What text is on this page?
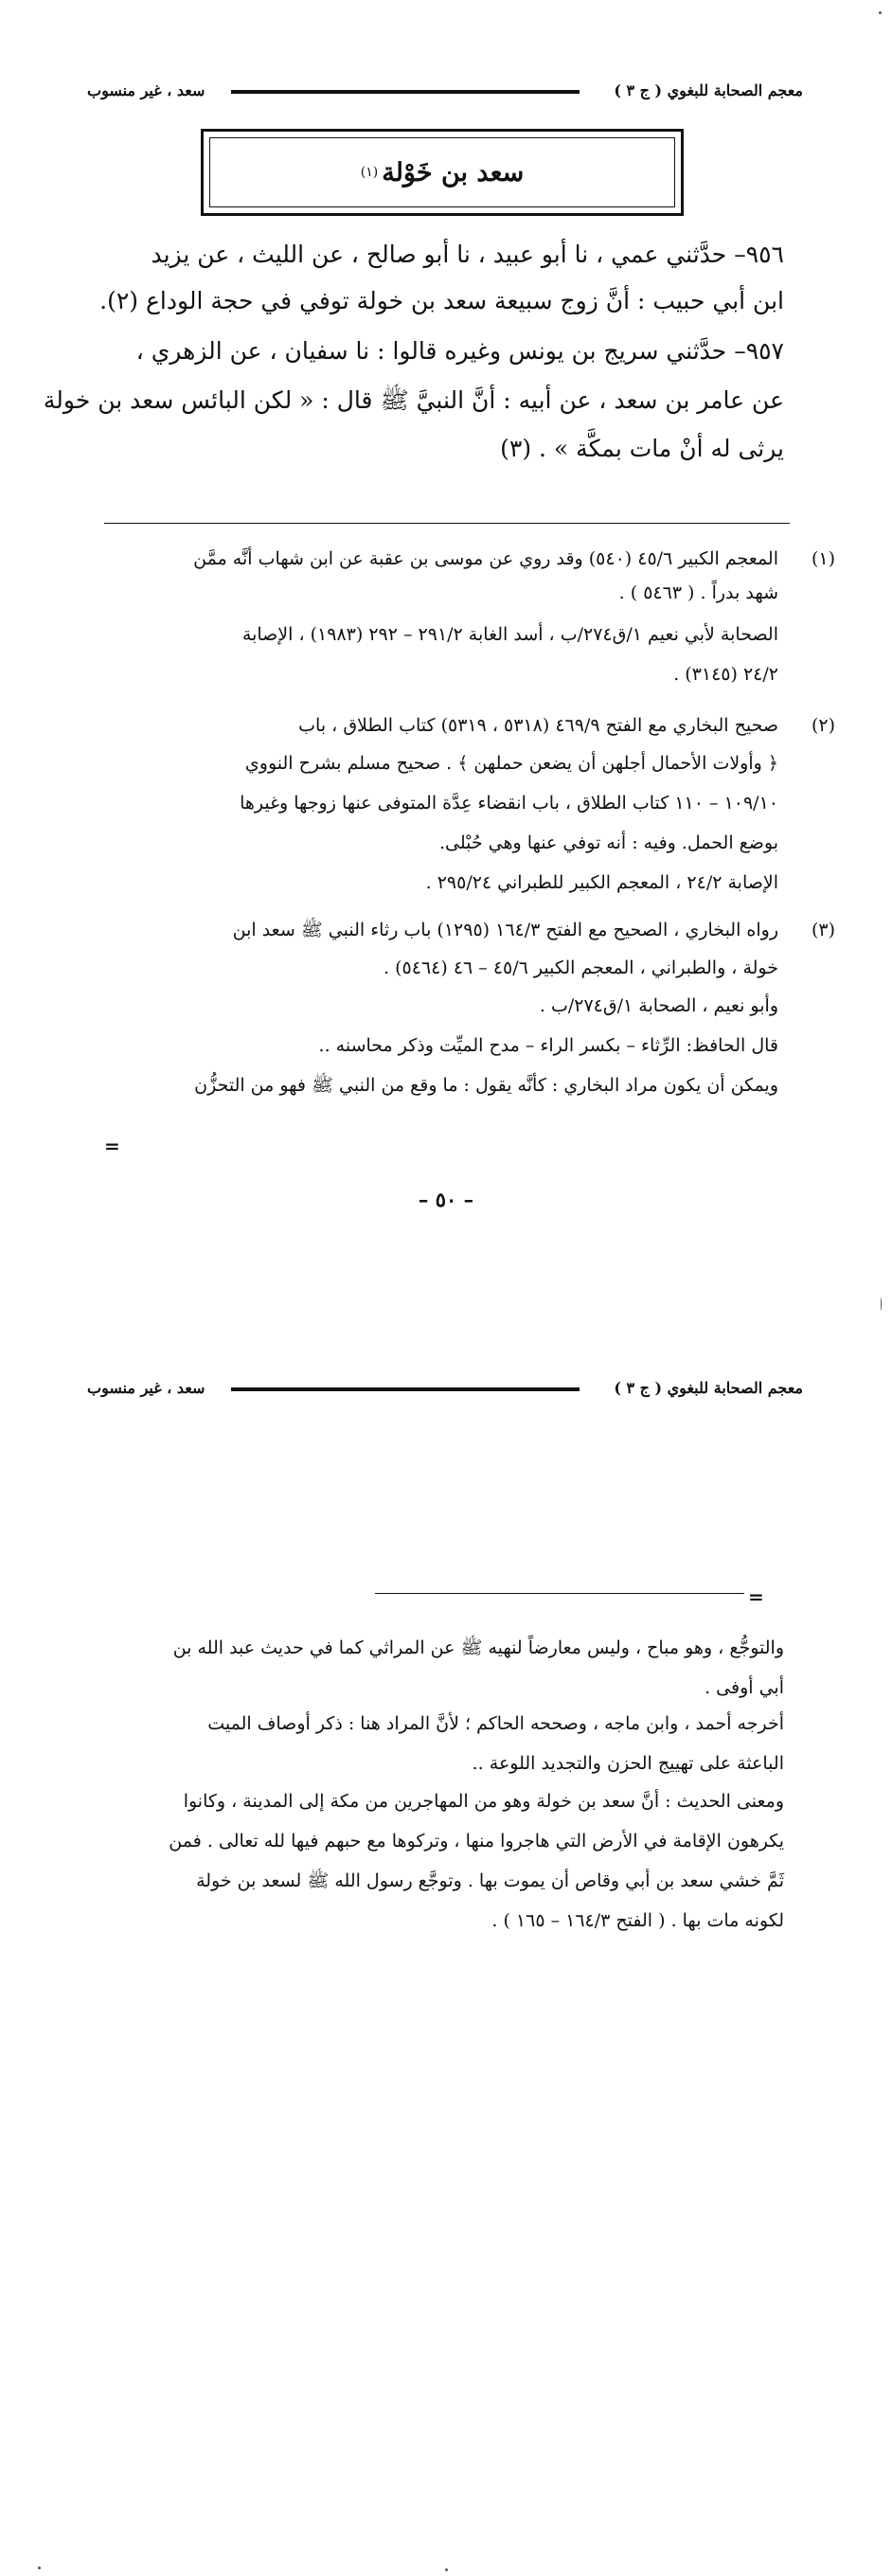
سعد ، غير منسوب	معجم الصحابة للبغوي ( ج ٣ )
سعد بن خَوْلة
(١)
٩٥٦– حدَّثني عمي ، نا أبو عبيد ، نا أبو صالح ، عن الليث ، عن يزيد
ابن أبي حبيب : أنَّ زوج سبيعة سعد بن خولة توفي في حجة الوداع (٢).
٩٥٧– حدَّثني سريج بن يونس وغيره قالوا : نا سفيان ، عن الزهري ،
عن عامر بن سعد ، عن أبيه : أنَّ النبيَّ ﷺ قال : « لكن البائس سعد بن خولة
يرثى له أنْ مات بمكَّة » . (٣)
(١)
المعجم الكبير ٤٥/٦ (٥٤٠) وقد روي عن موسى بن عقبة عن ابن شهاب أنَّه ممَّن
شهد بدراً . ( ٥٤٦٣ ) .
الصحابة لأبي نعيم ١/ق٢٧٤/ب ، أسد الغابة ٢٩١/٢ – ٢٩٢ (١٩٨٣) ، الإصابة
٢٤/٢ (٣١٤٥) .
(٢)
صحيح البخاري مع الفتح ٤٦٩/٩ (٥٣١٨ ، ٥٣١٩) كتاب الطلاق ، باب
﴿ وأولات الأحمال أجلهن أن يضعن حملهن ﴾ . صحيح مسلم بشرح النووي
١٠٩/١٠ – ١١٠ كتاب الطلاق ، باب انقضاء عِدَّة المتوفى عنها زوجها وغيرها
بوضع الحمل. وفيه : أنه توفي عنها وهي حُبْلى.
الإصابة ٢٤/٢ ، المعجم الكبير للطبراني ٢٩٥/٢٤ .
(٣)
رواه البخاري ، الصحيح مع الفتح ١٦٤/٣ (١٢٩٥) باب رثاء النبي ﷺ سعد ابن
خولة ، والطبراني ، المعجم الكبير ٤٥/٦ – ٤٦ (٥٤٦٤) .
وأبو نعيم ، الصحابة ١/ق٢٧٤/ب .
قال الحافظ: الرِّثاء – بكسر الراء – مدح الميِّت وذكر محاسنه ..
ويمكن أن يكون مراد البخاري : كأنَّه يقول : ما وقع من النبي ﷺ فهو من التحزُّن
=
– ٥٠ –
سعد ، غير منسوب	معجم الصحابة للبغوي ( ج ٣ )
=
والتوجُّع ، وهو مباح ، وليس معارضاً لنهيه ﷺ عن المراثي كما في حديث عبد الله بن
أبي أوفى .
أخرجه أحمد ، وابن ماجه ، وصححه الحاكم ؛ لأنَّ المراد هنا : ذكر أوصاف الميت
الباعثة على تهييج الحزن والتجديد اللوعة ..
ومعنى الحديث : أنَّ سعد بن خولة وهو من المهاجرين من مكة إلى المدينة ، وكانوا
يكرهون الإقامة في الأرض التي هاجروا منها ، وتركوها مع حبهم فيها لله تعالى . فمن
ثَمَّ خشي سعد بن أبي وقاص أن يموت بها . وتوجَّع رسول الله ﷺ لسعد بن خولة
لكونه مات بها . ( الفتح ١٦٤/٣ – ١٦٥ ) .
